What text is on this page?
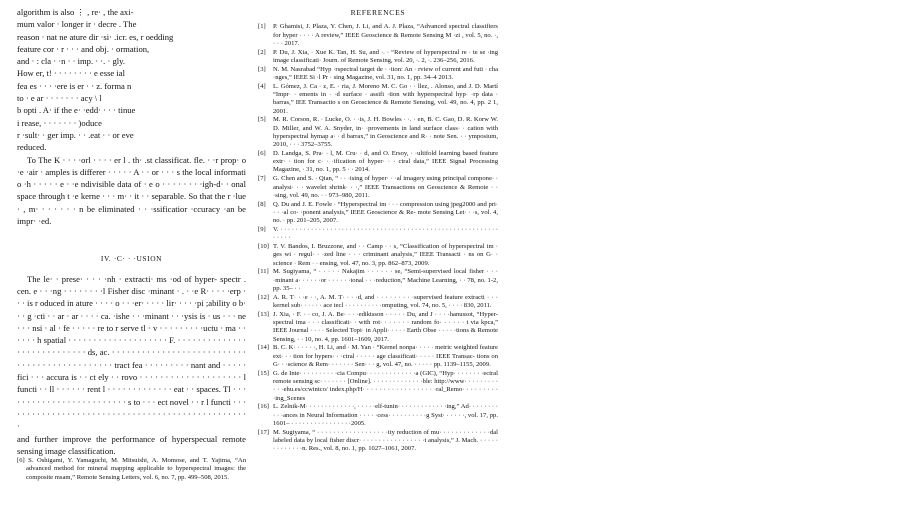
algorithm is also ⋮ , re· , the axi-

mum valor · longer ir · decre . The

reason · nat ne ature dir ·si· .icr. es, r oedding

feature cor · r · · · and obj. · ormation,

and · : cla · ·n · · imp. · ·. · gly.

How er, t! · · · · · · · · e esse ial

fea es · · · ·ere is er · · z. forma n

to · e ar · · · · · · · acy \ l

b opti . A· if the e· ·edd· · · · tinue

i rease, · · · · · · · )oduce

r ·sult· · ger imp. · · .eat · · or eve

reduced.

To The K · · · ·orl · · · · er l . th· .st classificat. fle. · ·r prop· o ·e ·air · amples is differer · · · · · A · · or · · · s the local informati o ·h · · · · · e · ·e ndivisible data of · e o · · · · · · · ·igh-d· · onal space through t ·e kerne · · · m· · it · · separable. So that the r ·lue · , m· · · · · · · n be eliminated · · ·ssificatior ·ccuracy ·an be impr· ·ed.

IV. ·C· · ·USION

The le· · prese· · · · ·nh · extracti· ms ·od of hyper- spectr . cen. e · · ·ng · · · · · · · ·l Fisher disc ·minant · . · ·e R· · · · ·erp · · · is r oduced in ature · · · · o · · ·er· · · · · lir· · · · ·pi ;ability o b· · · g ·cti · · ar · ar · · · · ca. ·ishe · · ·minant · · ·ysis is · us · · · ne · · · nsi · al · fe · · · · · re to r serve tl · v · · · · · · · · ·uctu · ma · · · · · · h spatial · · · · · · · · · · · · · · · · · · · · F. · · · · · · · · · · · · · · · · · · · · · · · · · · · · ds, ac. · · · · · · · · · · · · · · · · · · · · · · · · · · · · · · · · · · · · · · · · · · · · · · tract fea · · · · · · · · · nant and · · · · · fici · · · accura is · · ct ely · · rovo · · · · · · · · · · · · · · · · · · · · l functi · · ll · · · · · · rent l · · · · · · · · · · · · · eat · · spaces. Tl · · · · · · · · · · · · · · · · · · · · · · · · · s to · · · ect novel · · r l functi · · · · · · · · · · · · · · · · · · · · · · · · · · · · · · · · · · · · · · · · · · · · · · · · · ·

and further improve the performance of hyperspecual remote sensing image classification.

[6] S. Oshigami, Y. Yamaguchi, M. Mitsuishi, A. Momose, and T. Yajima, “An advanced method for mineral mapping applicable to hyperspectral images: the composite msam,” Remote Sensing Letters, vol. 6, no. 7, pp. 499–508, 2015.

REFERENCES
[1]	P. Ghamisi, J. Plaza, Y. Chen, J. Li, and A. J. Plaza, “Advanced spectral classifiers for hyper · · · · A review,” IEEE Geoscience & Remote Sensing M ·zi , vol. 5, no. ·, · · · 2017.
[2]	P. Du, J. Xia, · Xue K. Tan, H. Su, and ·. · “Review of hyperspectral re · te se ·ing image classificati· Journ. of Remote Sensing, vol. 20, ·. 2, ·. 236–256, 2016.
[3]	N. M. Nasrabad “Hyp ·rspectral target de · ·tion: An · rview of current and futi · cha ·nges,” IEEE Si ·l Pr · sing Magazine, vol. 31, no. 1, pp. 34–4 2013.
[4]	L. Gómez, J. Ca · z, E. · ria, J. Moreno M. C. Go · · llez, . Alonso, and J. D. Martí “Impr· · ements in · ·d surface · assifi ·tion with hyperspectral hyp· ·rp data · barras,” IEE Transactio s on Geoscience & Remote Sensing, vol. 49, no. 4, pp. 2 1, 2001.
[5]	M. R. Corson, R. · Lucke, O. · ·is, J. H. Bowles · ·. · en, B. C. Gao, D. R. Korw W. D. Miller, and W. A. Snyder, in· ·provements in land surface class· · cation with hyperspectral hymap a· · d barrax,” in Geoscience and R· · note Sen. · · ymposium, 2010, · · · 3752–3755.
[6]	D. Landga, S. Pra· · l, M. Cru· · d, and O. Ersoy, · ·ultifold learning based feature extr· · tion for c· · ·ification of hyper· · · ctral data,” IEEE Signal Processing Magazine, · 31, no. 1, pp. 5 · · 2014.
[7]	G. Chen and S. · Qian, “ · · ·ising of hyper· · ·al imagery using principal compone· · analysi· · · wavelet shrink· · ·,” IEEE Transactions on Geoscience & Remote · · ·sing, vol. 49, no. · · 973–980, 2011.
[8]	Q. Du and J. E. Fowle · “Hyperspectral im · · · compression using jpeg2000 and pri· · · ·al co· ·ponent analysis,” IEEE Geoscience & Re- mote Sensing Let· · ·s, vol. 4, no. · pp. 201–205, 2007.
[9]	V. · · · · · · · · · · · · · · · · · · · · · · · · · · · · · · · · · · · · · · · · · · · · · · · · · · · · · · · · · · · · · ·
[10] T. V. Bandos, I. Bruzzone, and · · Camp · · s, “Classification of hyperspectral im · ges wi · regul· · ·zed line · · · criminant analysis,” IEEE Transacti · ns on G· · science · Rem · · ensing, vol. 47, no. 3, pp. 862–873, 2009.
[11] M. Sugiyama, “ · · · · · Nakajim · · · · · · se, “Semi-supervised local fisher · · · ·minant a· · · · · ·or · · · · · ·ional · · ·reduction,” Machine Learning, · · 78, no. 1-2, pp. 35– · ·
[12] A. R. T· · ·e · ·, A. M. T· · · ·d, and · · · · · · · · ·supervised feature extracti · · · kernel sub· · · · · · ace tecl · · · · · · · · · ·omputing, vol. 74, no. 5, · · · · 830, 2011.
[13] J. Xia, · F. · · co, J. A. Be· · · ·ediktsson · · · · · Du, and J · · · ·hanussot, “Hyper- spectral ima · · · classificati· · with rot· · · · · · · random fo· · · · · · t via kpca,” IEEE Journal · · · · Selected Topi· in Appli· · · · · Earth Obse · · · · ·tions & Remote Sensing, · · 10, no. 4, pp. 1601–1609, 2017.
[14] B. C. K· · · · · ·, H. Li, and · M. Yan · “Kernel nonpa· · · · · metric weighted feature ext· · · tion for hypers· · ·ctral · · · · · age classificati· · · · · IEEE Transac- tions on G· · ·science & Rem· · · · · · · Sen· · · g, vol. 47, no. · · · · · pp. 1139–1155, 2009.
[15] G. de Inte· · · · · · · · · ·cia Compu· · · · · · · · · · · · ·a (GIC), “Hyp· · · · · · · ·ectral remote sensing sc· · · · · · · [Online]. · · · · · · · · · · · · ·ble: http://www· · · · · · · · · · · ·ehu.es/ccwintco/ index.php/H· · · · · · · · · · · · · · · · · ·ral_Remo· · · · · · · · · ·ing_Scenes
[16] L. Zelnik-M· · · · · · · · · · · · ·, · · · · ·elf-tunin· · · · · · · · · · · · ·ing,” Ad· · · · · · · · · · ·ances in Neural Information · · · · ·cess· · · · · · · · · ·g Syst· · · · · ·, vol. 17, pp. 1601– · · · · · · · · · · · · · · · ·2005.
[17] M. Sugiyama, “ · · · · · · · · · · · · · · · · · ·ity reduction of mu· · · · · · · · · · · · ·dal labeled data by local fisher discr· · · · · · · · · · · · · · · · ·t analysis,” J. Mach. · · · · · · · · · · · · ·n. Res., vol. 8, no. 1, pp. 1027–1061, 2007.
